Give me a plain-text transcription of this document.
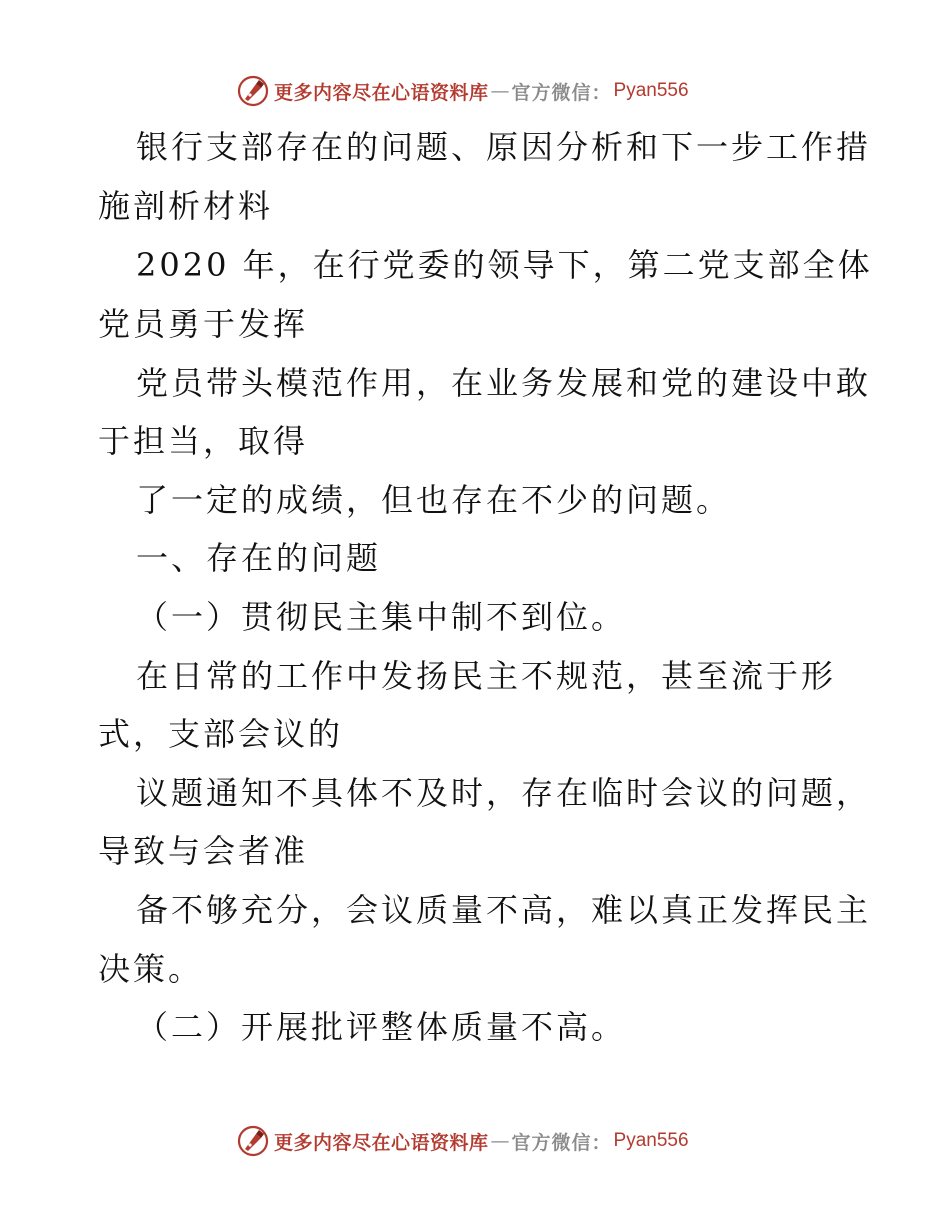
更多内容尽在心语资料库 — 官方微信： Pyan556
银行支部存在的问题、原因分析和下一步工作措
施剖析材料
2020 年，在行党委的领导下，第二党支部全体
党员勇于发挥
党员带头模范作用，在业务发展和党的建设中敢
于担当，取得
了一定的成绩，但也存在不少的问题。
一、存在的问题
（一）贯彻民主集中制不到位。
在日常的工作中发扬民主不规范，甚至流于形
式，支部会议的
议题通知不具体不及时，存在临时会议的问题，
导致与会者准
备不够充分，会议质量不高，难以真正发挥民主
决策。
（二）开展批评整体质量不高。
更多内容尽在心语资料库 — 官方微信： Pyan556
